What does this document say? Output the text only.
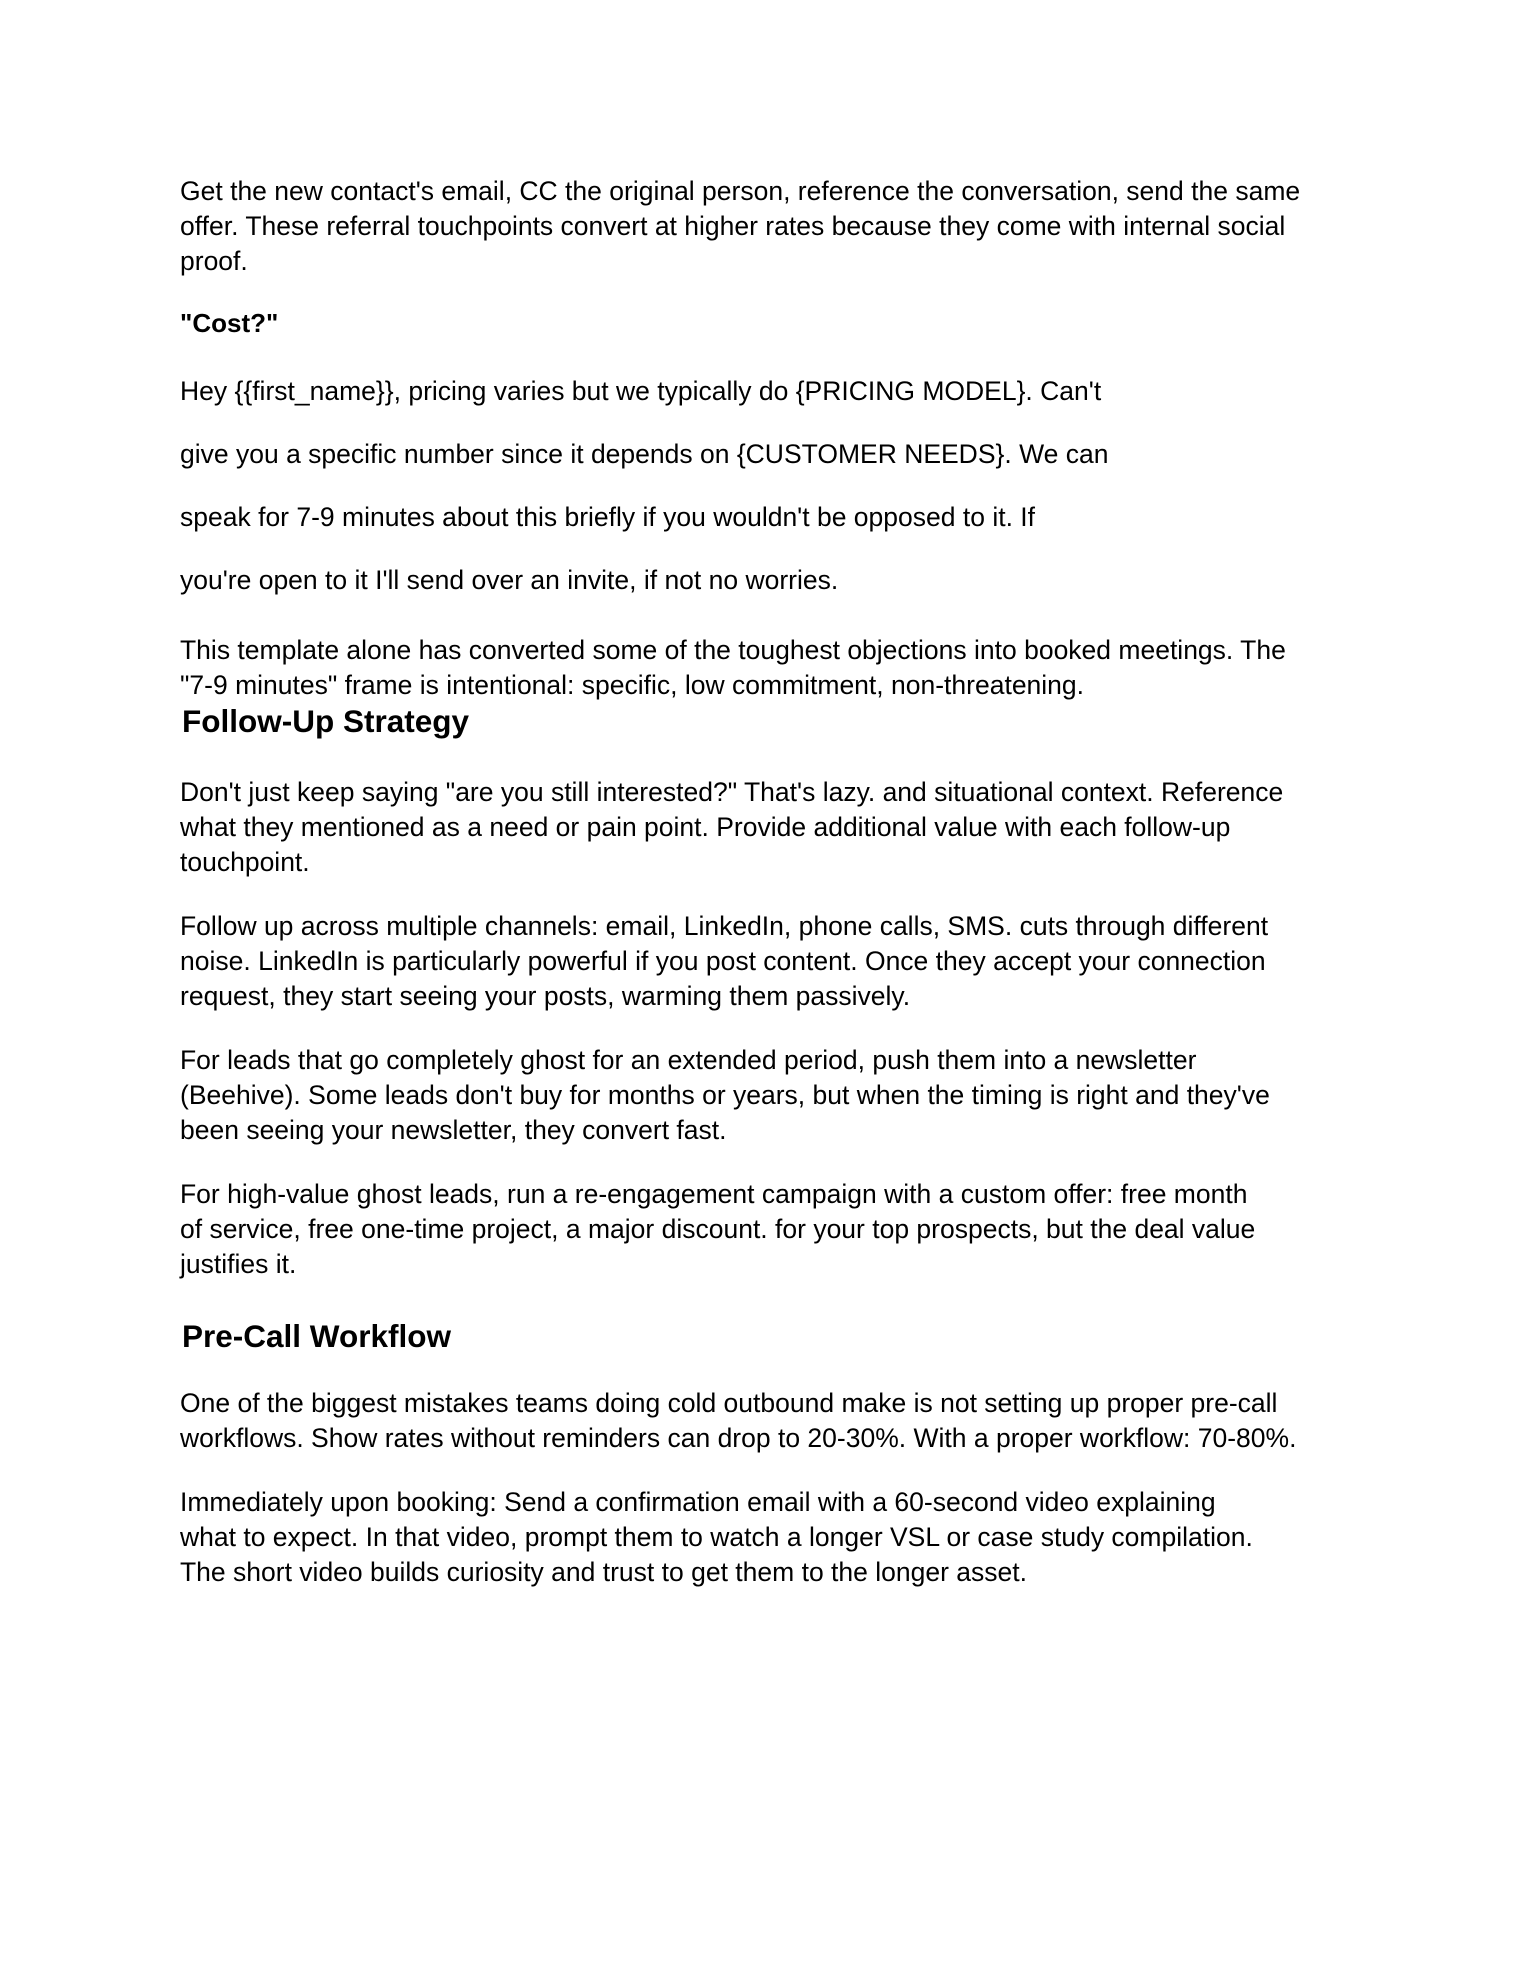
Get the new contact's email, CC the original person, reference the conversation, send the same
offer. These referral touchpoints convert at higher rates because they come with internal social
proof.

"Cost?"

Hey {{first_name}}, pricing varies but we typically do {PRICING MODEL}. Can't

give you a specific number since it depends on {CUSTOMER NEEDS}. We can

speak for 7-9 minutes about this briefly if you wouldn't be opposed to it. If

you're open to it I'll send over an invite, if not no worries.

This template alone has converted some of the toughest objections into booked meetings. The
"7-9 minutes" frame is intentional: specific, low commitment, non-threatening.

Follow-Up Strategy

Don't just keep saying "are you still interested?" That's lazy. and situational context. Reference
what they mentioned as a need or pain point. Provide additional value with each follow-up
touchpoint.

Follow up across multiple channels: email, LinkedIn, phone calls, SMS. cuts through different
noise. LinkedIn is particularly powerful if you post content. Once they accept your connection
request, they start seeing your posts, warming them passively.

For leads that go completely ghost for an extended period, push them into a newsletter
(Beehive). Some leads don't buy for months or years, but when the timing is right and they've
been seeing your newsletter, they convert fast.

For high-value ghost leads, run a re-engagement campaign with a custom offer: free month
of service, free one-time project, a major discount. for your top prospects, but the deal value
justifies it.

Pre-Call Workflow

One of the biggest mistakes teams doing cold outbound make is not setting up proper pre-call
workflows. Show rates without reminders can drop to 20-30%. With a proper workflow: 70-80%.

Immediately upon booking: Send a confirmation email with a 60-second video explaining
what to expect. In that video, prompt them to watch a longer VSL or case study compilation.
The short video builds curiosity and trust to get them to the longer asset.
